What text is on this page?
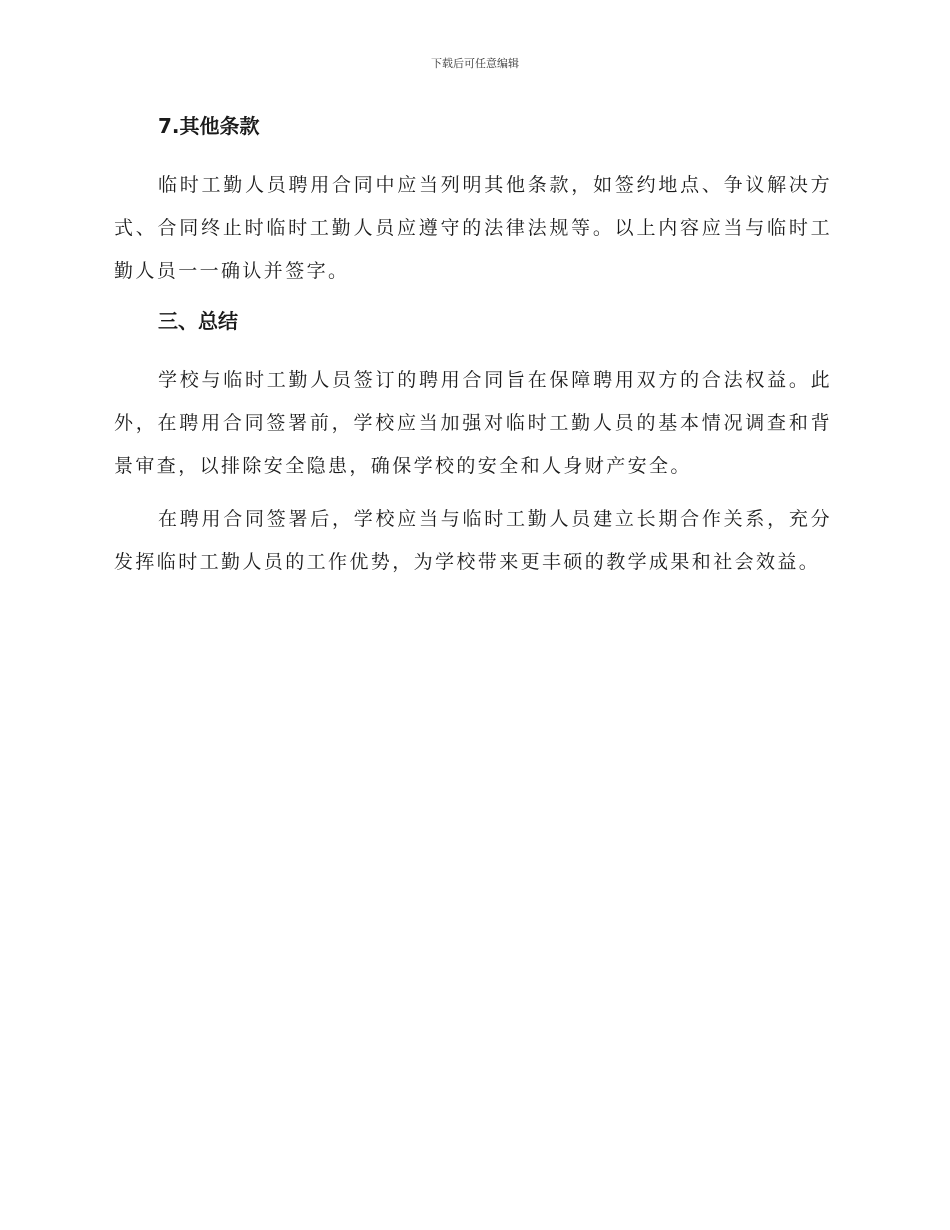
下载后可任意编辑
7.其他条款

临时工勤人员聘用合同中应当列明其他条款，如签约地点、争议解决方式、合同终止时临时工勤人员应遵守的法律法规等。以上内容应当与临时工勤人员一一确认并签字。

三、总结

学校与临时工勤人员签订的聘用合同旨在保障聘用双方的合法权益。此外，在聘用合同签署前，学校应当加强对临时工勤人员的基本情况调查和背景审查，以排除安全隐患，确保学校的安全和人身财产安全。

在聘用合同签署后，学校应当与临时工勤人员建立长期合作关系，充分发挥临时工勤人员的工作优势，为学校带来更丰硕的教学成果和社会效益。
